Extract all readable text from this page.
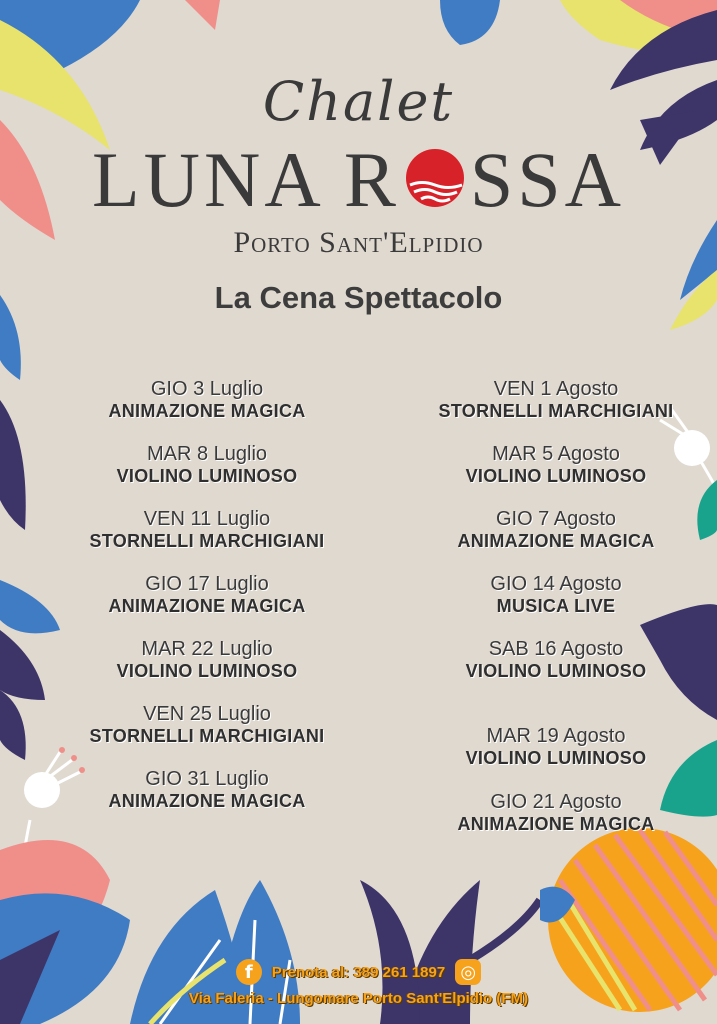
Chalet
LUNA R SSA
Porto Sant'Elpidio
La Cena Spettacolo
GIO 3 Luglio
ANIMAZIONE MAGICA
MAR 8 Luglio
VIOLINO LUMINOSO
VEN 11 Luglio
STORNELLI MARCHIGIANI
GIO 17 Luglio
ANIMAZIONE MAGICA
MAR 22 Luglio
VIOLINO LUMINOSO
VEN 25 Luglio
STORNELLI MARCHIGIANI
GIO 31 Luglio
ANIMAZIONE MAGICA
VEN 1 Agosto
STORNELLI MARCHIGIANI
MAR 5 Agosto
VIOLINO LUMINOSO
GIO 7 Agosto
ANIMAZIONE MAGICA
GIO 14 Agosto
MUSICA LIVE
SAB 16 Agosto
VIOLINO LUMINOSO
MAR 19 Agosto
VIOLINO LUMINOSO
GIO 21 Agosto
ANIMAZIONE MAGICA
f	Prenota al: 389 261 1897 ◎
Via Faleria - Lungomare Porto Sant'Elpidio (FM)
